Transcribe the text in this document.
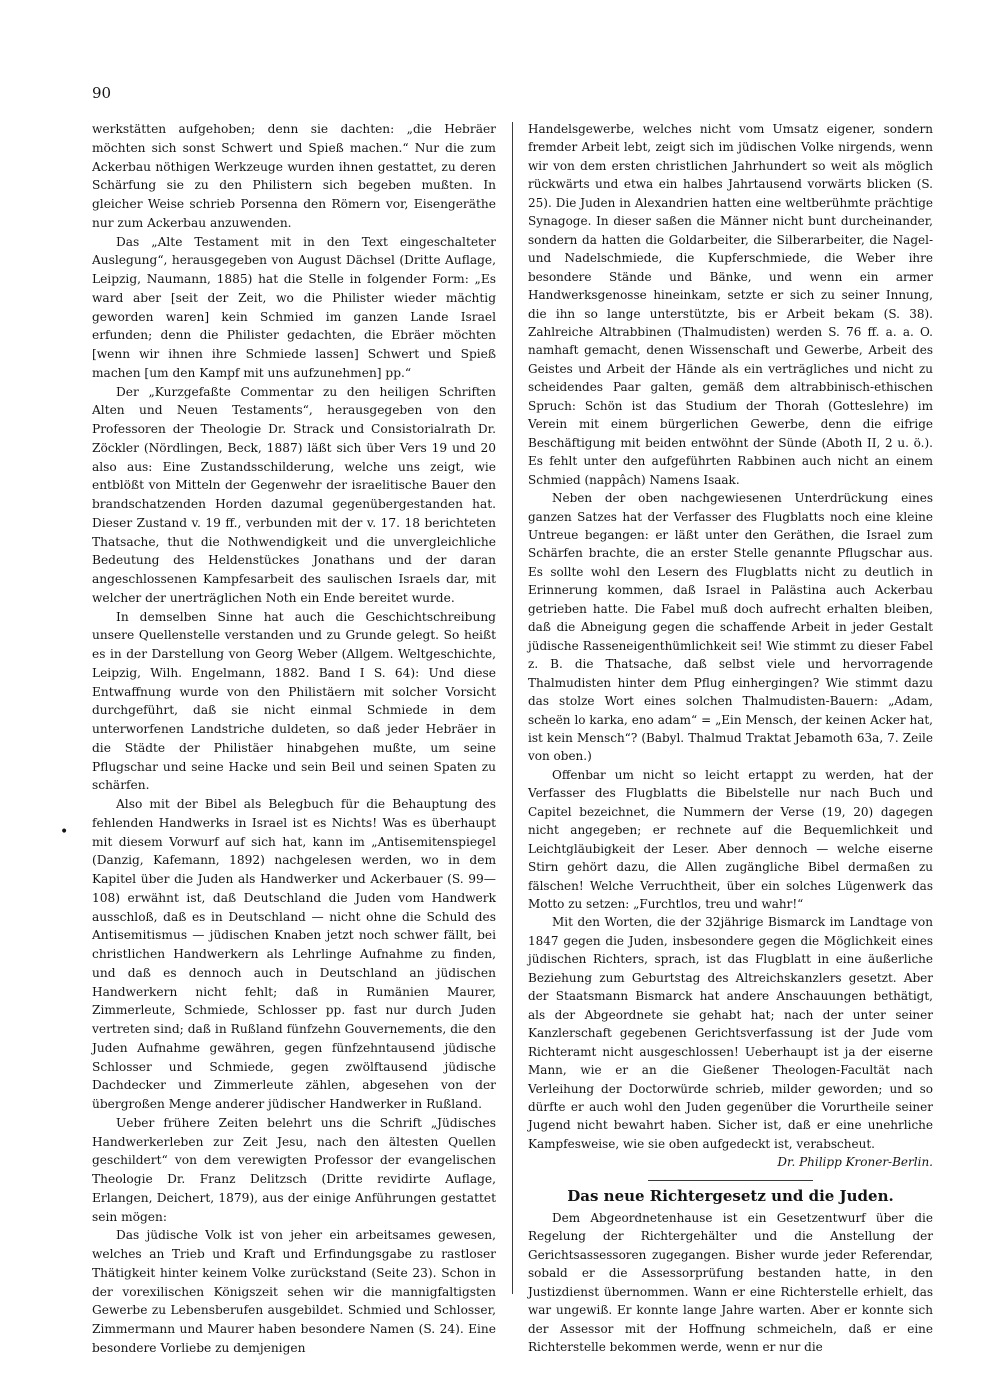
90
•

werkstätten aufgehoben; denn sie dachten: „die Hebräer möchten sich sonst Schwert und Spieß machen.“ Nur die zum Ackerbau nöthigen Werkzeuge wurden ihnen gestattet, zu deren Schärfung sie zu den Philistern sich begeben mußten. In gleicher Weise schrieb Porsenna den Römern vor, Eisengeräthe nur zum Ackerbau anzuwenden.

Das „Alte Testament mit in den Text eingeschalteter Auslegung“, herausgegeben von August Dächsel (Dritte Auflage, Leipzig, Naumann, 1885) hat die Stelle in folgender Form: „Es ward aber [seit der Zeit, wo die Philister wieder mächtig geworden waren] kein Schmied im ganzen Lande Israel erfunden; denn die Philister gedachten, die Ebräer möchten [wenn wir ihnen ihre Schmiede lassen] Schwert und Spieß machen [um den Kampf mit uns aufzunehmen] pp.“

Der „Kurzgefaßte Commentar zu den heiligen Schriften Alten und Neuen Testaments“, herausgegeben von den Professoren der Theologie Dr. Strack und Consistorialrath Dr. Zöckler (Nördlingen, Beck, 1887) läßt sich über Vers 19 und 20 also aus: Eine Zustandsschilderung, welche uns zeigt, wie entblößt von Mitteln der Gegenwehr der israelitische Bauer den brandschatzenden Horden dazumal gegenübergestanden hat. Dieser Zustand v. 19 ff., verbunden mit der v. 17. 18 berichteten Thatsache, thut die Nothwendigkeit und die unvergleichliche Bedeutung des Heldenstückes Jonathans und der daran angeschlossenen Kampfesarbeit des saulischen Israels dar, mit welcher der unerträglichen Noth ein Ende bereitet wurde.

In demselben Sinne hat auch die Geschichtschreibung unsere Quellenstelle verstanden und zu Grunde gelegt. So heißt es in der Darstellung von Georg Weber (Allgem. Weltgeschichte, Leipzig, Wilh. Engelmann, 1882. Band I S. 64): Und diese Entwaffnung wurde von den Philistäern mit solcher Vorsicht durchgeführt, daß sie nicht einmal Schmiede in dem unterworfenen Landstriche duldeten, so daß jeder Hebräer in die Städte der Philistäer hinabgehen mußte, um seine Pflugschar und seine Hacke und sein Beil und seinen Spaten zu schärfen.

Also mit der Bibel als Belegbuch für die Behauptung des fehlenden Handwerks in Israel ist es Nichts! Was es überhaupt mit diesem Vorwurf auf sich hat, kann im „Antisemitenspiegel (Danzig, Kafemann, 1892) nachgelesen werden, wo in dem Kapitel über die Juden als Handwerker und Ackerbauer (S. 99—108) erwähnt ist, daß Deutschland die Juden vom Handwerk ausschloß, daß es in Deutschland — nicht ohne die Schuld des Antisemitismus — jüdischen Knaben jetzt noch schwer fällt, bei christlichen Handwerkern als Lehrlinge Aufnahme zu finden, und daß es dennoch auch in Deutschland an jüdischen Handwerkern nicht fehlt; daß in Rumänien Maurer, Zimmerleute, Schmiede, Schlosser pp. fast nur durch Juden vertreten sind; daß in Rußland fünfzehn Gouvernements, die den Juden Aufnahme gewähren, gegen fünfzehntausend jüdische Schlosser und Schmiede, gegen zwölftausend jüdische Dachdecker und Zimmerleute zählen, abgesehen von der übergroßen Menge anderer jüdischer Handwerker in Rußland.

Ueber frühere Zeiten belehrt uns die Schrift „Jüdisches Handwerkerleben zur Zeit Jesu, nach den ältesten Quellen geschildert“ von dem verewigten Professor der evangelischen Theologie Dr. Franz Delitzsch (Dritte revidirte Auflage, Erlangen, Deichert, 1879), aus der einige Anführungen gestattet sein mögen:

Das jüdische Volk ist von jeher ein arbeitsames gewesen, welches an Trieb und Kraft und Erfindungsgabe zu rastloser Thätigkeit hinter keinem Volke zurückstand (Seite 23). Schon in der vorexilischen Königszeit sehen wir die mannigfaltigsten Gewerbe zu Lebensberufen ausgebildet. Schmied und Schlosser, Zimmermann und Maurer haben besondere Namen (S. 24). Eine besondere Vorliebe zu demjenigen

Handelsgewerbe, welches nicht vom Umsatz eigener, sondern fremder Arbeit lebt, zeigt sich im jüdischen Volke nirgends, wenn wir von dem ersten christlichen Jahrhundert so weit als möglich rückwärts und etwa ein halbes Jahrtausend vorwärts blicken (S. 25). Die Juden in Alexandrien hatten eine weltberühmte prächtige Synagoge. In dieser saßen die Männer nicht bunt durcheinander, sondern da hatten die Goldarbeiter, die Silberarbeiter, die Nagel- und Nadelschmiede, die Kupferschmiede, die Weber ihre besondere Stände und Bänke, und wenn ein armer Handwerksgenosse hineinkam, setzte er sich zu seiner Innung, die ihn so lange unterstützte, bis er Arbeit bekam (S. 38). Zahlreiche Altrabbinen (Thalmudisten) werden S. 76 ff. a. a. O. namhaft gemacht, denen Wissenschaft und Gewerbe, Arbeit des Geistes und Arbeit der Hände als ein verträgliches und nicht zu scheidendes Paar galten, gemäß dem altrabbinisch-ethischen Spruch: Schön ist das Studium der Thorah (Gotteslehre) im Verein mit einem bürgerlichen Gewerbe, denn die eifrige Beschäftigung mit beiden entwöhnt der Sünde (Aboth II, 2 u. ö.). Es fehlt unter den aufgeführten Rabbinen auch nicht an einem Schmied (nappâch) Namens Isaak.

Neben der oben nachgewiesenen Unterdrückung eines ganzen Satzes hat der Verfasser des Flugblatts noch eine kleine Untreue begangen: er läßt unter den Geräthen, die Israel zum Schärfen brachte, die an erster Stelle genannte Pflugschar aus. Es sollte wohl den Lesern des Flugblatts nicht zu deutlich in Erinnerung kommen, daß Israel in Palästina auch Ackerbau getrieben hatte. Die Fabel muß doch aufrecht erhalten bleiben, daß die Abneigung gegen die schaffende Arbeit in jeder Gestalt jüdische Rasseneigenthümlichkeit sei! Wie stimmt zu dieser Fabel z. B. die Thatsache, daß selbst viele und hervorragende Thalmudisten hinter dem Pflug einhergingen? Wie stimmt dazu das stolze Wort eines solchen Thalmudisten-Bauern: „Adam, scheën lo karka, eno adam“ = „Ein Mensch, der keinen Acker hat, ist kein Mensch“? (Babyl. Thalmud Traktat Jebamoth 63a, 7. Zeile von oben.)

Offenbar um nicht so leicht ertappt zu werden, hat der Verfasser des Flugblatts die Bibelstelle nur nach Buch und Capitel bezeichnet, die Nummern der Verse (19, 20) dagegen nicht angegeben; er rechnete auf die Bequemlichkeit und Leichtgläubigkeit der Leser. Aber dennoch — welche eiserne Stirn gehört dazu, die Allen zugängliche Bibel dermaßen zu fälschen! Welche Verruchtheit, über ein solches Lügenwerk das Motto zu setzen: „Furchtlos, treu und wahr!“

Mit den Worten, die der 32jährige Bismarck im Landtage von 1847 gegen die Juden, insbesondere gegen die Möglichkeit eines jüdischen Richters, sprach, ist das Flugblatt in eine äußerliche Beziehung zum Geburtstag des Altreichskanzlers gesetzt. Aber der Staatsmann Bismarck hat andere Anschauungen bethätigt, als der Abgeordnete sie gehabt hat; nach der unter seiner Kanzlerschaft gegebenen Gerichtsverfassung ist der Jude vom Richteramt nicht ausgeschlossen! Ueberhaupt ist ja der eiserne Mann, wie er an die Gießener Theologen-Facultät nach Verleihung der Doctorwürde schrieb, milder geworden; und so dürfte er auch wohl den Juden gegenüber die Vorurtheile seiner Jugend nicht bewahrt haben. Sicher ist, daß er eine unehrliche Kampfesweise, wie sie oben aufgedeckt ist, verabscheut.

Dr. Philipp Kroner-Berlin.

Das neue Richtergesetz und die Juden.

Dem Abgeordnetenhause ist ein Gesetzentwurf über die Regelung der Richtergehälter und die Anstellung der Gerichtsassessoren zugegangen. Bisher wurde jeder Referendar, sobald er die Assessorprüfung bestanden hatte, in den Justizdienst übernommen. Wann er eine Richterstelle erhielt, das war ungewiß. Er konnte lange Jahre warten. Aber er konnte sich der Assessor mit der Hoffnung schmeicheln, daß er eine Richterstelle bekommen werde, wenn er nur die
